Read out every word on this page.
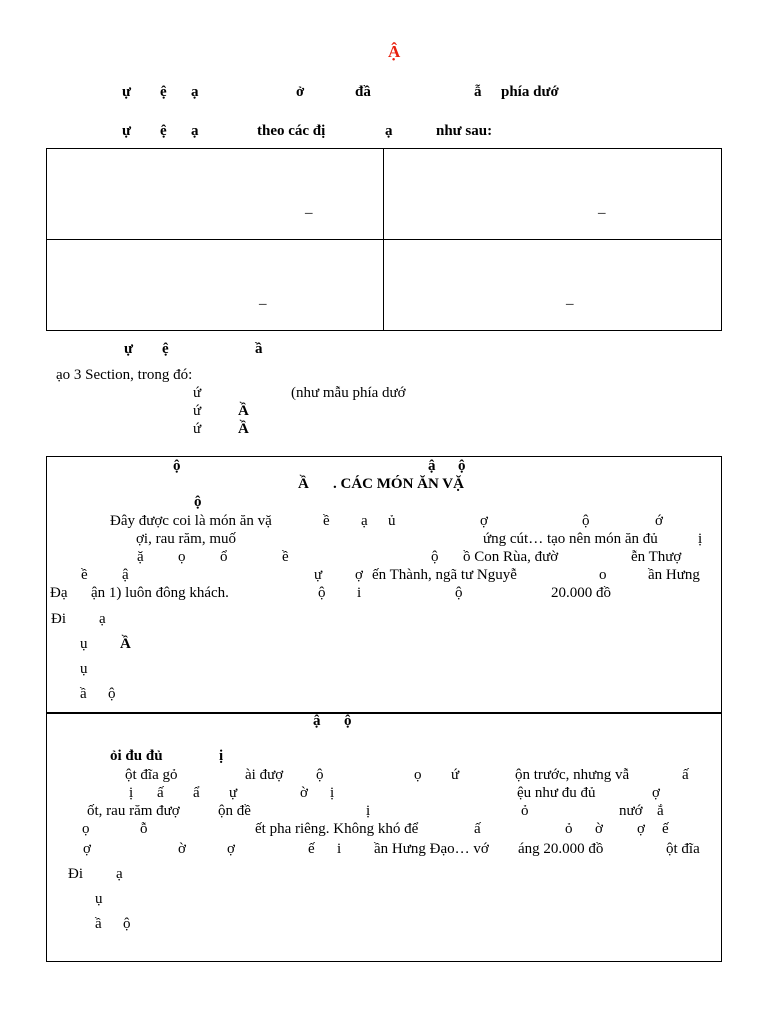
Ậ
ự ệ ạ	ở	đầ	ẫ phía dướ
ự ệ ạ	theo các đị	ạ	như sau:
_	_
_	_
ự ệ	ầ
ạo 3 Section, trong đó:
ứ	(như mẫu phía dướ
ứ Ầ
ứ Ầ
ộ	ậ ộ
Ầ . CÁC MÓN ĂN VẶ
ộ
Đây được coi là món ăn vặ	ề ạ ủ	ợ	ộ	ớ
ợi, rau răm, muố	ứng cút… tạo nên món ăn đủ	ị
ặ ọ ổ	ề	ộ ồ Con Rùa, đườ	ễn Thượ
ề ậ	ự ợ ến Thành, ngã tư Nguyễ	o	ần Hưng
Đạ ận 1) luôn đông khách.	ộ i	ộ	20.000 đồ
Đi ạ
ụ Ầ
ụ
ầ ộ
ậ ộ
ỏi đu đủ	ị
ột đĩa gỏ	ài đượ ộ	ọ ứ	ộn trước, nhưng vẫ	ấ
ị ấ ẩ ự	ờ ị	ệu như đu đủ	ợ
ốt, rau răm đượ	ộn đề	ị	ỏ	nướ ắ
ọ	ỗ	ết pha riêng. Không khó để	ấ	ỏ ờ ợ ế
ợ	ờ	ợ	ế i ần Hưng Đạo… vớ áng 20.000 đồ	ột đĩa
Đi ạ
ụ
ầ ộ
